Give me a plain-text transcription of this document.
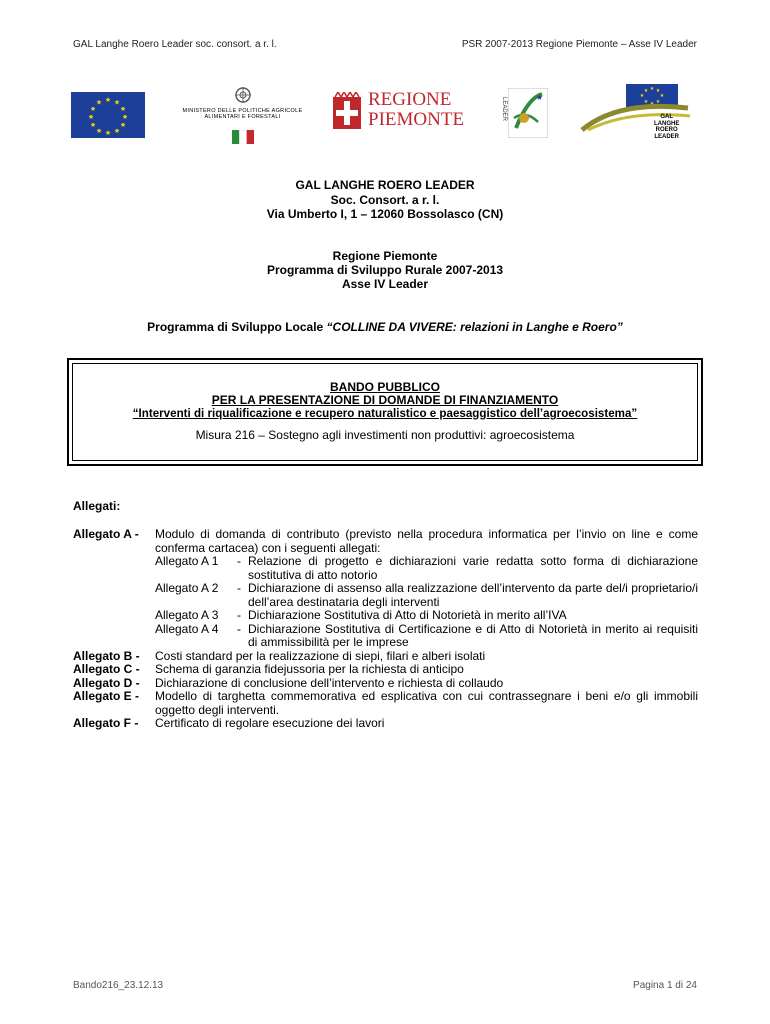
GAL Langhe Roero Leader soc. consort. a r. l.	PSR 2007-2013 Regione Piemonte – Asse IV Leader
★ ★
★
★
★
★
★
★
★
★
★
★
MINISTERO DELLE POLITICHE AGRICOLE
ALIMENTARI E FORESTALI
REGIONE
PIEMONTE	LEADER	★
★ ★
★
★
★
★
★
★
GAL
LANGHE
ROERO
LEADER
GAL LANGHE ROERO LEADER
Soc. Consort. a r. l.
Via Umberto I, 1 – 12060 Bossolasco (CN)
Regione Piemonte
Programma di Sviluppo Rurale 2007-2013
Asse IV Leader
Programma di Sviluppo Locale “COLLINE DA VIVERE: relazioni in Langhe e Roero”
BANDO PUBBLICO
PER LA PRESENTAZIONE DI DOMANDE DI FINANZIAMENTO
“Interventi di riqualificazione e recupero naturalistico e paesaggistico dell’agroecosistema”
Misura 216 – Sostegno agli investimenti non produttivi: agroecosistema
Allegati:
Allegato A - Modulo di domanda di contributo (previsto nella procedura informatica per l’invio on line e come conferma cartacea) con i seguenti allegati:
Allegato A 1 - Relazione di progetto e dichiarazioni varie redatta sotto forma di dichiarazione sostitutiva di atto notorio
Allegato A 2 - Dichiarazione di assenso alla realizzazione dell’intervento da parte del/i proprietario/i dell’area destinataria degli interventi
Allegato A 3 - Dichiarazione Sostitutiva di Atto di Notorietà in merito all’IVA
Allegato A 4 - Dichiarazione Sostitutiva di Certificazione e di Atto di Notorietà in merito ai requisiti di ammissibilità per le imprese
Allegato B - Costi standard per la realizzazione di siepi, filari e alberi isolati
Allegato C - Schema di garanzia fidejussoria per la richiesta di anticipo
Allegato D - Dichiarazione di conclusione dell’intervento e richiesta di collaudo
Allegato E - Modello di targhetta commemorativa ed esplicativa con cui contrassegnare i beni e/o gli immobili oggetto degli interventi.
Allegato F - Certificato di regolare esecuzione dei lavori
Bando216_23.12.13	Pagina 1 di 24
